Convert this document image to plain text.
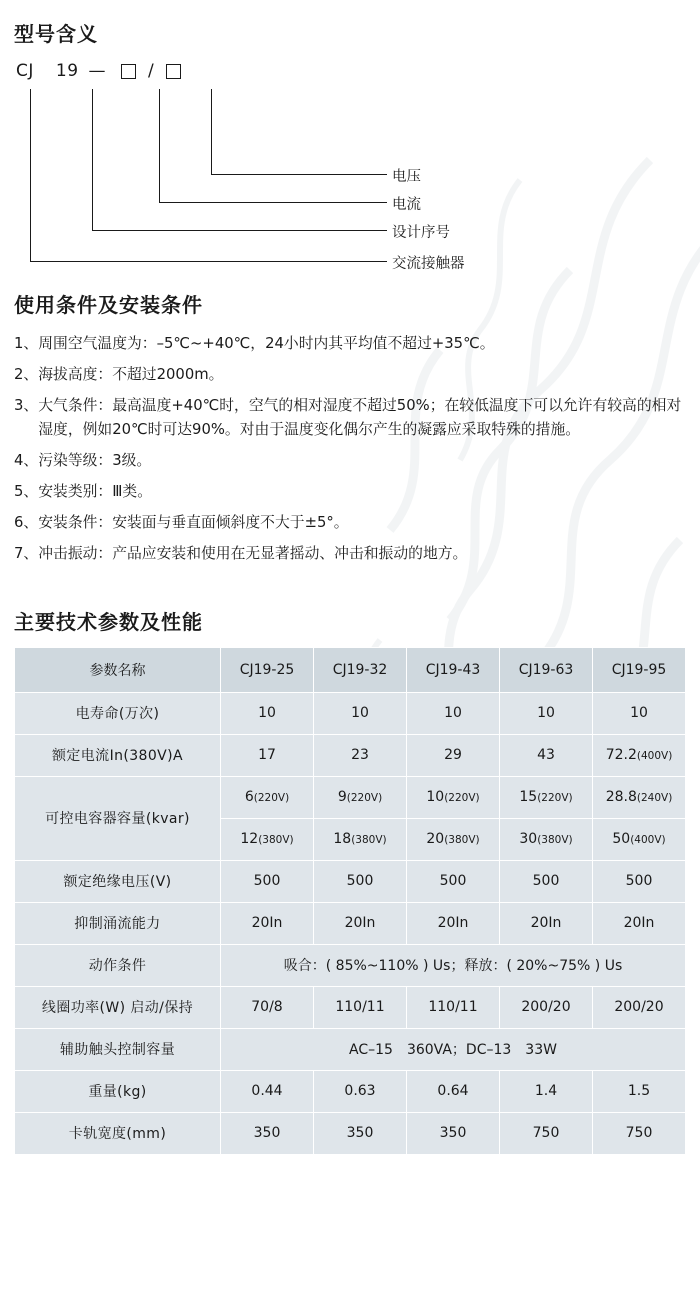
型号含义
CJ 19 — /
电压
电流
设计序号
交流接触器
使用条件及安装条件
1、 周围空气温度为：–5℃~+40℃，24小时内其平均值不超过+35℃。
2、 海拔高度：不超过2000m。
3、 大气条件：最高温度+40℃时，空气的相对湿度不超过50%；在较低温度下可以允许有较高的相对湿度，例如20℃时可达90%。对由于温度变化偶尔产生的凝露应采取特殊的措施。
4、 污染等级：3级。
5、 安装类别：Ⅲ类。
6、 安装条件：安装面与垂直面倾斜度不大于±5°。
7、 冲击振动：产品应安装和使用在无显著摇动、冲击和振动的地方。
主要技术参数及性能
参数名称	CJ19-25	CJ19-32	CJ19-43	CJ19-63	CJ19-95
电寿命(万次)	10	10	10	10	10
额定电流In(380V)A	17	23	29	43	72.2(400V)
可控电容器容量(kvar)	6(220V)	9(220V)	10(220V)	15(220V)	28.8(240V)
	12(380V)	18(380V)	20(380V)	30(380V)	50(400V)
额定绝缘电压(V)	500	500	500	500	500
抑制涌流能力	20In	20In	20In	20In	20In
动作条件	吸合：( 85%~110% ) Us；释放：( 20%~75% ) Us				
线圈功率(W) 启动/保持	70/8	110/11	110/11	200/20	200/20
辅助触头控制容量	AC–15　360VA；DC–13　33W				
重量(kg)	0.44	0.63	0.64	1.4	1.5
卡轨宽度(mm)	350	350	350	750	750
